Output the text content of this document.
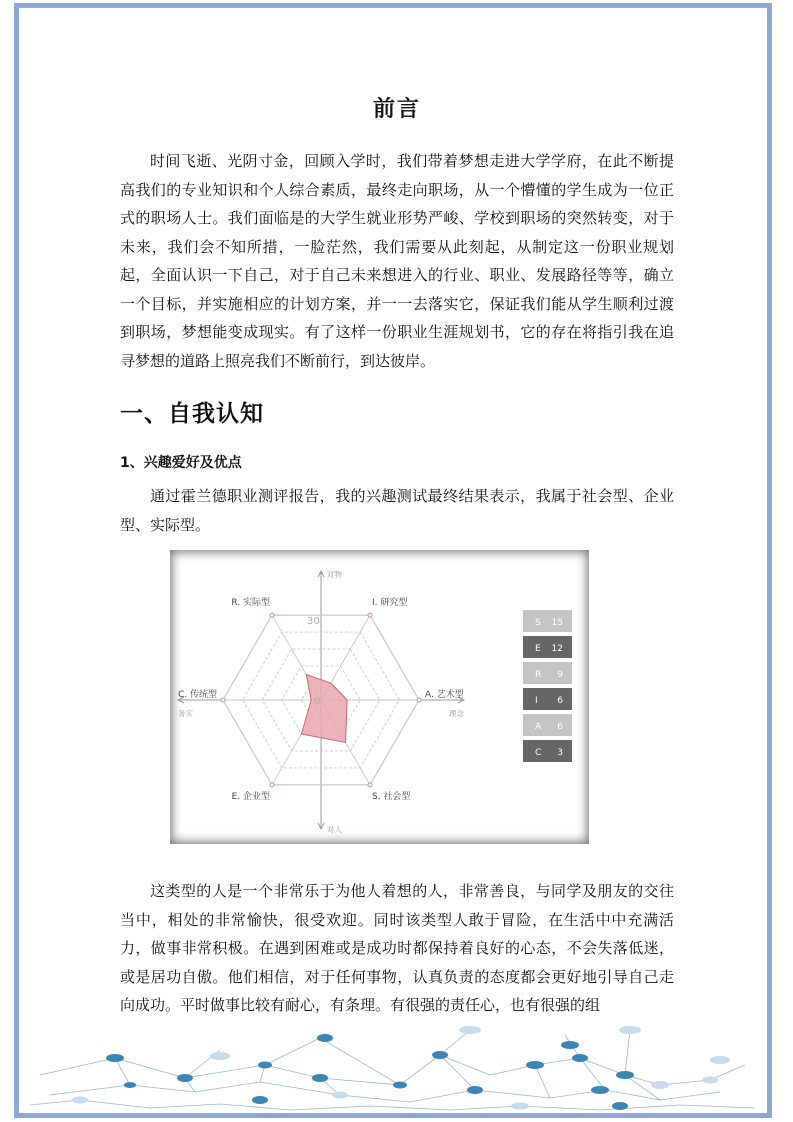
前言

时间飞逝、光阴寸金，回顾入学时，我们带着梦想走进大学学府，在此不断提高我们的专业知识和个人综合素质，最终走向职场，从一个懵懂的学生成为一位正式的职场人士。我们面临是的大学生就业形势严峻、学校到职场的突然转变，对于未来，我们会不知所措，一脸茫然，我们需要从此刻起，从制定这一份职业规划起，全面认识一下自己，对于自己未来想进入的行业、职业、发展路径等等，确立一个目标，并实施相应的计划方案，并一一去落实它，保证我们能从学生顺利过渡到职场，梦想能变成现实。有了这样一份职业生涯规划书，它的存在将指引我在追寻梦想的道路上照亮我们不断前行，到达彼岸。

一、自我认知
1、兴趣爱好及优点

通过霍兰德职业测评报告，我的兴趣测试最终结果表示，我属于社会型、企业型、实际型。

0
30
I. 研究型
A. 艺术型
S. 社会型
E. 企业型
C. 传统型
R. 实际型
对物
对人
务实	理念
S 15
E 12
R 9
I 6
A 6
C 3

这类型的人是一个非常乐于为他人着想的人，非常善良，与同学及朋友的交往当中，相处的非常愉快，很受欢迎。同时该类型人敢于冒险，在生活中中充满活力，做事非常积极。在遇到困难或是成功时都保持着良好的心态，不会失落低迷，或是居功自傲。他们相信，对于任何事物，认真负责的态度都会更好地引导自己走向成功。平时做事比较有耐心，有条理。有很强的责任心，也有很强的组
